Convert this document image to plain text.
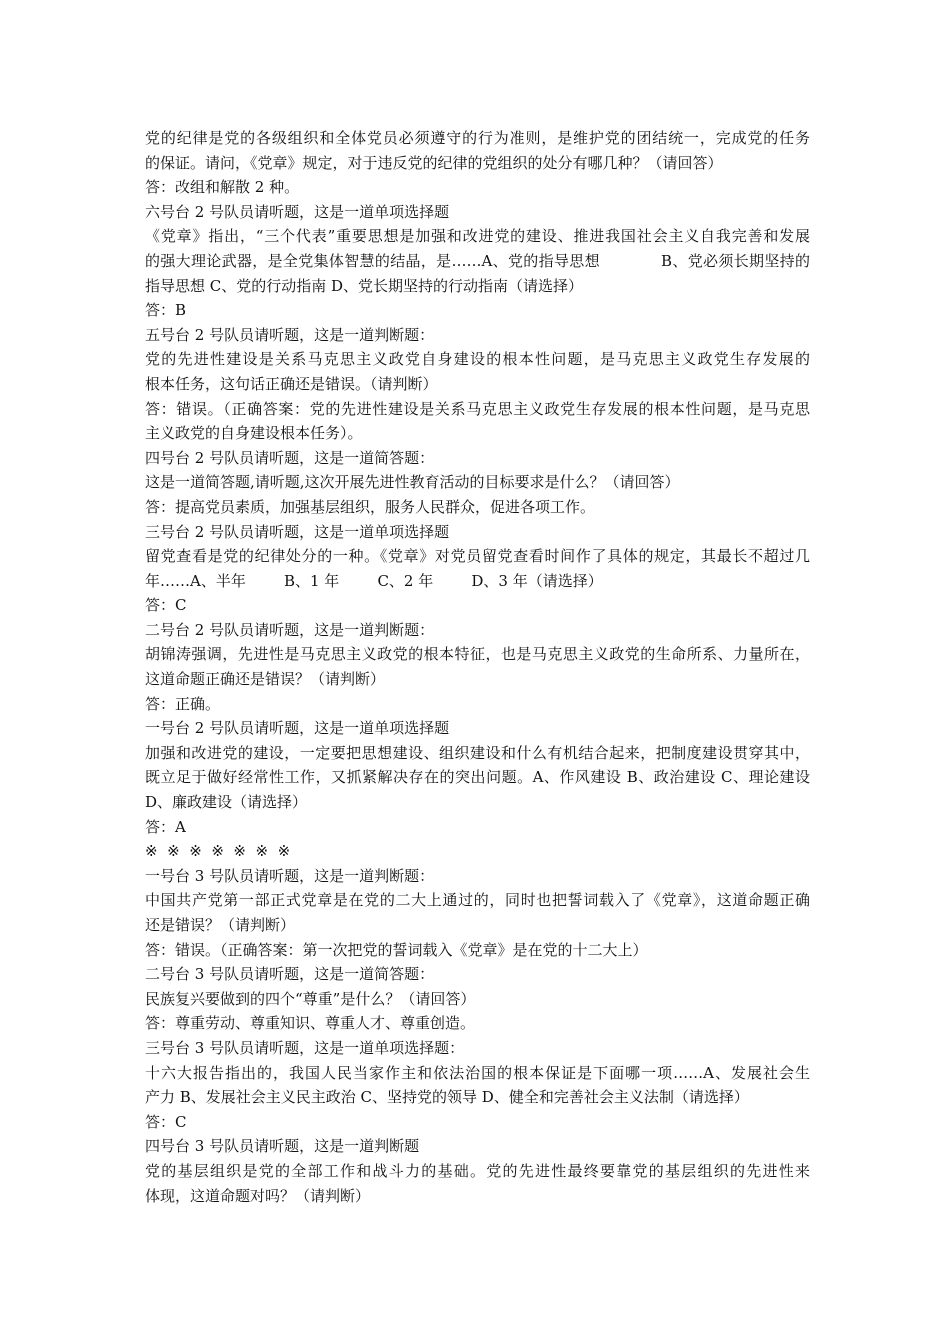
党的纪律是党的各级组织和全体党员必须遵守的行为准则，是维护党的团结统一，完成党的任务

的保证。请问，《党章》规定，对于违反党的纪律的党组织的处分有哪几种？（请回答）

答：改组和解散 2 种。

六号台 2 号队员请听题，这是一道单项选择题

《党章》指出，“三个代表”重要思想是加强和改进党的建设、推进我国社会主义自我完善和发展

的强大理论武器，是全党集体智慧的结晶，是……A、党的指导思想            B、党必须长期坚持的

指导思想 C、党的行动指南 D、党长期坚持的行动指南（请选择）

答：B

五号台 2 号队员请听题，这是一道判断题：

党的先进性建设是关系马克思主义政党自身建设的根本性问题，是马克思主义政党生存发展的

根本任务，这句话正确还是错误。（请判断）

答：错误。（正确答案：党的先进性建设是关系马克思主义政党生存发展的根本性问题，是马克思

主义政党的自身建设根本任务）。

四号台 2 号队员请听题，这是一道简答题：

这是一道简答题,请听题,这次开展先进性教育活动的目标要求是什么？（请回答）

答：提高党员素质，加强基层组织，服务人民群众，促进各项工作。

三号台 2 号队员请听题，这是一道单项选择题

留党查看是党的纪律处分的一种。《党章》对党员留党查看时间作了具体的规定，其最长不超过几

年……A、半年        B、1 年        C、2 年        D、3 年（请选择）

答：C

二号台 2 号队员请听题，这是一道判断题：

胡锦涛强调，先进性是马克思主义政党的根本特征，也是马克思主义政党的生命所系、力量所在，

这道命题正确还是错误？（请判断）

答：正确。

一号台 2 号队员请听题，这是一道单项选择题

加强和改进党的建设，一定要把思想建设、组织建设和什么有机结合起来，把制度建设贯穿其中，

既立足于做好经常性工作，又抓紧解决存在的突出问题。A、作风建设 B、政治建设 C、理论建设

D、廉政建设（请选择）

答：A

※  ※  ※  ※  ※  ※  ※

一号台 3 号队员请听题，这是一道判断题：

中国共产党第一部正式党章是在党的二大上通过的，同时也把誓词载入了《党章》，这道命题正确

还是错误？（请判断）

答：错误。（正确答案：第一次把党的誓词载入《党章》是在党的十二大上）

二号台 3 号队员请听题，这是一道简答题：

民族复兴要做到的四个“尊重”是什么？（请回答）

答：尊重劳动、尊重知识、尊重人才、尊重创造。

三号台 3 号队员请听题，这是一道单项选择题：

十六大报告指出的，我国人民当家作主和依法治国的根本保证是下面哪一项……A、发展社会生

产力 B、发展社会主义民主政治 C、坚持党的领导 D、健全和完善社会主义法制（请选择）

答：C

四号台 3 号队员请听题，这是一道判断题

党的基层组织是党的全部工作和战斗力的基础。党的先进性最终要靠党的基层组织的先进性来

体现，这道命题对吗？（请判断）
